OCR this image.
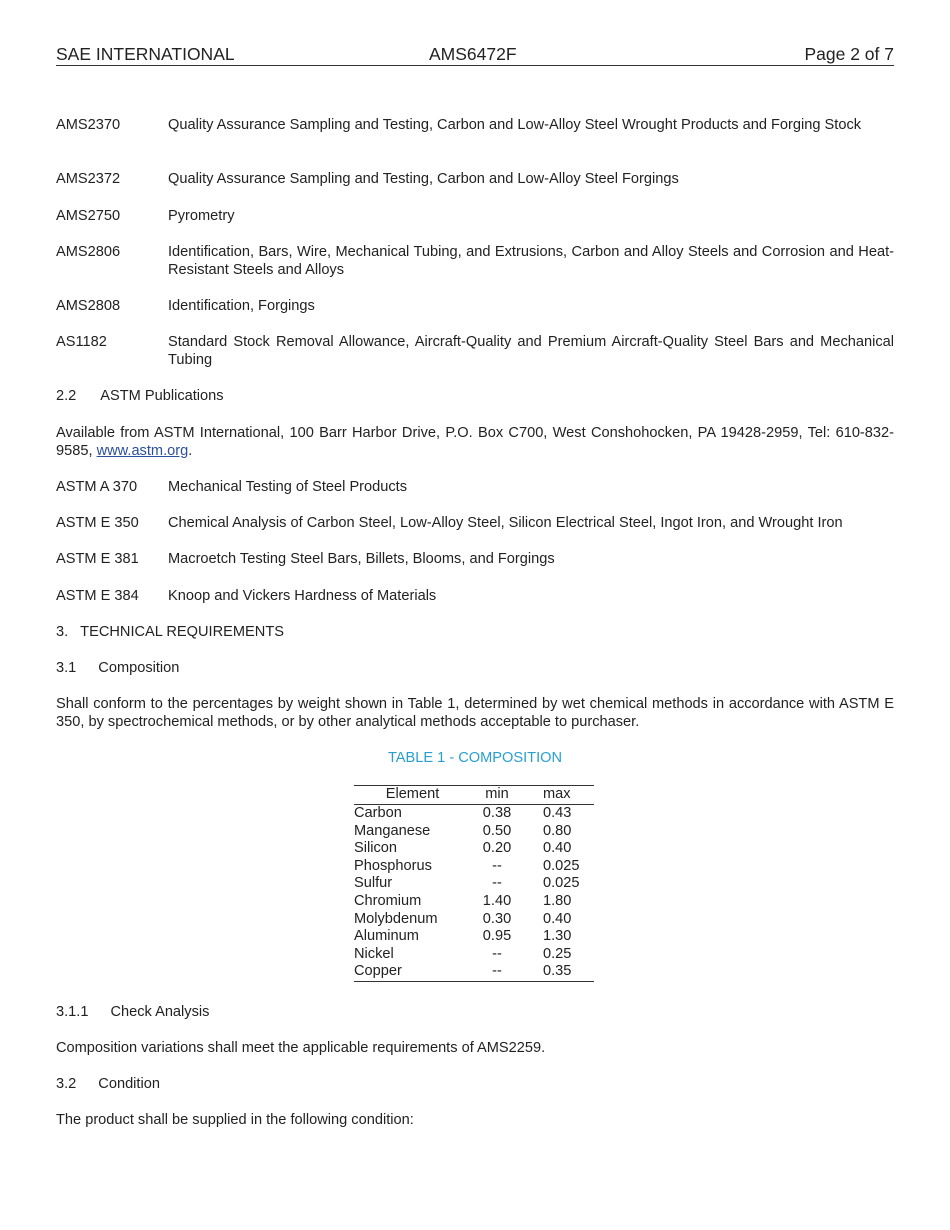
SAE INTERNATIONAL	AMS6472F	Page 2 of 7
AMS2370	Quality Assurance Sampling and Testing, Carbon and Low-Alloy Steel Wrought Products and Forging Stock
AMS2372	Quality Assurance Sampling and Testing, Carbon and Low-Alloy Steel Forgings
AMS2750	Pyrometry
AMS2806	Identification, Bars, Wire, Mechanical Tubing, and Extrusions, Carbon and Alloy Steels and Corrosion and Heat-Resistant Steels and Alloys
AMS2808	Identification, Forgings
AS1182	Standard Stock Removal Allowance, Aircraft-Quality and Premium Aircraft-Quality Steel Bars and Mechanical Tubing
2.2 ASTM Publications
Available from ASTM International, 100 Barr Harbor Drive, P.O. Box C700, West Conshohocken, PA 19428-2959, Tel: 610-832-9585, www.astm.org.
ASTM A 370	Mechanical Testing of Steel Products
ASTM E 350	Chemical Analysis of Carbon Steel, Low-Alloy Steel, Silicon Electrical Steel, Ingot Iron, and Wrought Iron
ASTM E 381	Macroetch Testing Steel Bars, Billets, Blooms, and Forgings
ASTM E 384	Knoop and Vickers Hardness of Materials
3. TECHNICAL REQUIREMENTS
3.1 Composition
Shall conform to the percentages by weight shown in Table 1, determined by wet chemical methods in accordance with ASTM E 350, by spectrochemical methods, or by other analytical methods acceptable to purchaser.
TABLE 1 - COMPOSITION
Element	min	max
Carbon	0.38	0.43
Manganese	0.50	0.80
Silicon	0.20	0.40
Phosphorus	--	0.025
Sulfur	--	0.025
Chromium	1.40	1.80
Molybdenum	0.30	0.40
Aluminum	0.95	1.30
Nickel	--	0.25
Copper	--	0.35
3.1.1 Check Analysis
Composition variations shall meet the applicable requirements of AMS2259.
3.2 Condition
The product shall be supplied in the following condition:
